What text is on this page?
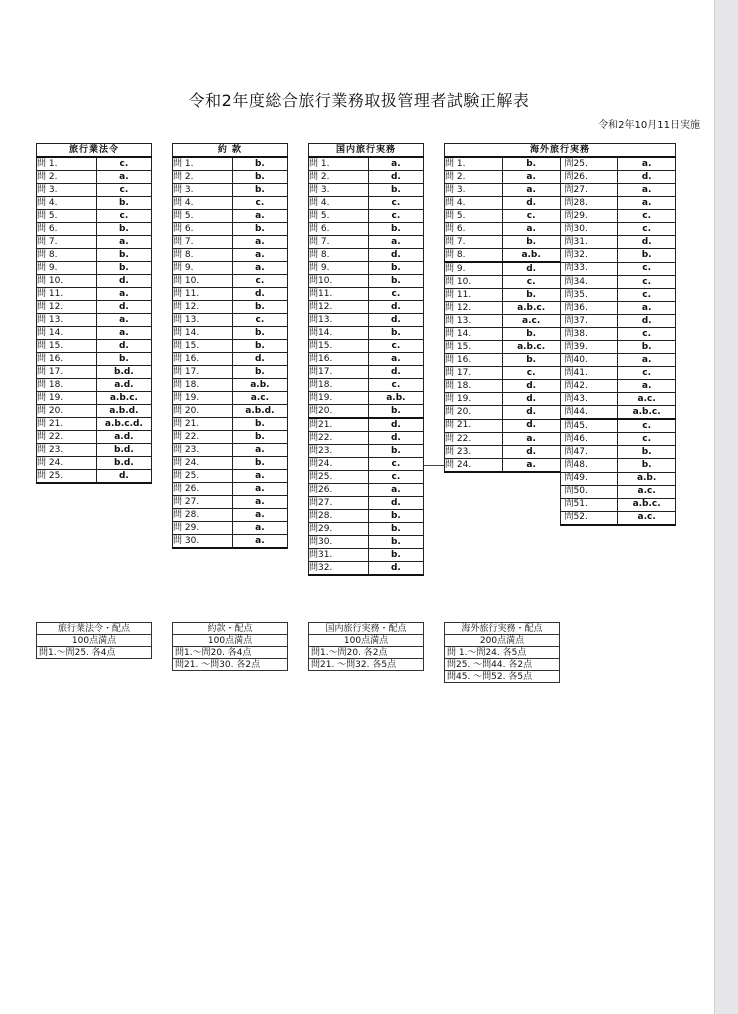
令和2年度総合旅行業務取扱管理者試験正解表
令和2年10月11日実施
旅行業法令	
問 1.	c.
問 2.	a.
問 3.	c.
問 4.	b.
問 5.	c.
問 6.	b.
問 7.	a.
問 8.	b.
問 9.	b.
問 10.	d.
問 11.	a.
問 12.	d.
問 13.	a.
問 14.	a.
問 15.	d.
問 16.	b.
問 17.	b.d.
問 18.	a.d.
問 19.	a.b.c.
問 20.	a.b.d.
問 21.	a.b.c.d.
問 22.	a.d.
問 23.	b.d.
問 24.	b.d.
問 25.	d.
約 款	
問 1.	b.
問 2.	b.
問 3.	b.
問 4.	c.
問 5.	a.
問 6.	b.
問 7.	a.
問 8.	a.
問 9.	a.
問 10.	c.
問 11.	d.
問 12.	b.
問 13.	c.
問 14.	b.
問 15.	b.
問 16.	d.
問 17.	b.
問 18.	a.b.
問 19.	a.c.
問 20.	a.b.d.
問 21.	b.
問 22.	b.
問 23.	a.
問 24.	b.
問 25.	a.
問 26.	a.
問 27.	a.
問 28.	a.
問 29.	a.
問 30.	a.
国内旅行実務	
問 1.	a.
問 2.	d.
問 3.	b.
問 4.	c.
問 5.	c.
問 6.	b.
問 7.	a.
問 8.	d.
問 9.	b.
問10.	b.
問11.	c.
問12.	d.
問13.	d.
問14.	b.
問15.	c.
問16.	a.
問17.	d.
問18.	c.
問19.	a.b.
問20.	b.
問21.	d.
問22.	d.
問23.	b.
問24.	c.
問25.	c.
問26.	a.
問27.	d.
問28.	b.
問29.	b.
問30.	b.
問31.	b.
問32.	d.
海外旅行実務			
問 1.	b.	問25.	a.
問 2.	a.	問26.	d.
問 3.	a.	問27.	a.
問 4.	d.	問28.	a.
問 5.	c.	問29.	c.
問 6.	a.	問30.	c.
問 7.	b.	問31.	d.
問 8.	a.b.	問32.	b.
問 9.	d.	問33.	c.
問 10.	c.	問34.	c.
問 11.	b.	問35.	c.
問 12.	a.b.c.	問36.	a.
問 13.	a.c.	問37.	d.
問 14.	b.	問38.	c.
問 15.	a.b.c.	問39.	b.
問 16.	b.	問40.	a.
問 17.	c.	問41.	c.
問 18.	d.	問42.	a.
問 19.	d.	問43.	a.c.
問 20.	d.	問44.	a.b.c.
問 21.	d.	問45.	c.
問 22.	a.	問46.	c.
問 23.	d.	問47.	b.
問 24.	a.	問48.	b.
		問49.	a.b.
		問50.	a.c.
		問51.	a.b.c.
		問52.	a.c.
旅行業法令・配点
100点満点
問1.～問25. 各4点
約款・配点
100点満点
問1.～問20. 各4点
問21. ～問30. 各2点
国内旅行実務・配点
100点満点
問1.～問20. 各2点
問21. ～問32. 各5点
海外旅行実務・配点
200点満点
問 1.～問24. 各5点
問25. ～問44. 各2点
問45. ～問52. 各5点
